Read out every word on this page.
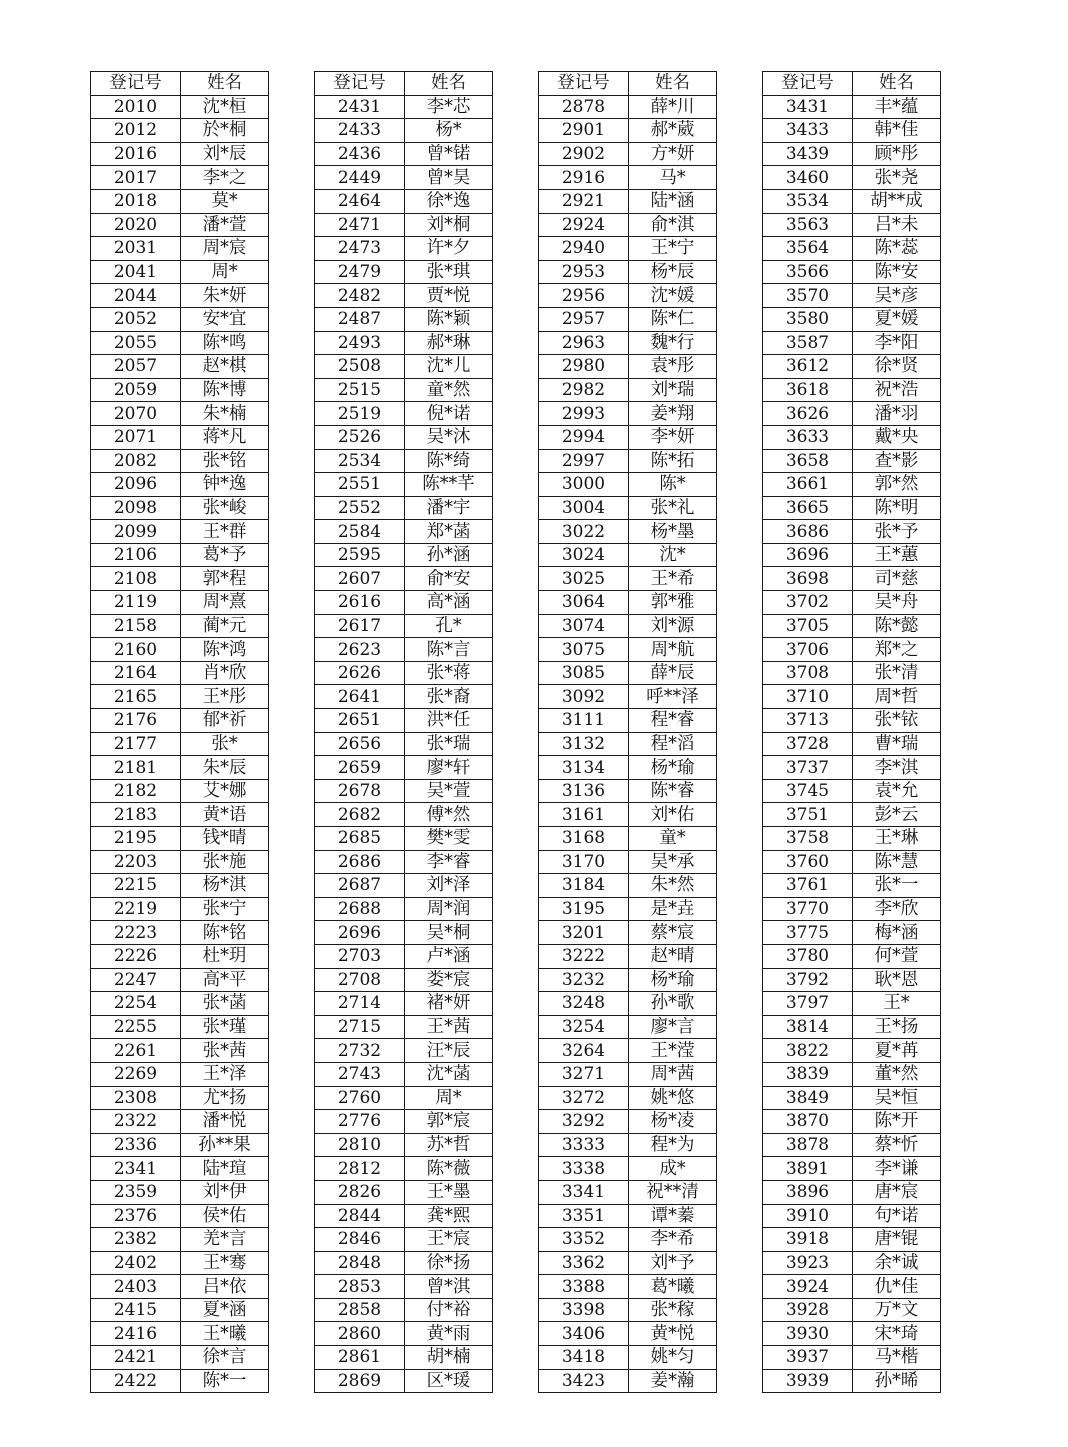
登记号	姓名
2010	沈*桓
2012	於*桐
2016	刘*辰
2017	李*之
2018	莫*
2020	潘*萱
2031	周*宸
2041	周*
2044	朱*妍
2052	安*宜
2055	陈*鸣
2057	赵*棋
2059	陈*博
2070	朱*楠
2071	蒋*凡
2082	张*铭
2096	钟*逸
2098	张*峻
2099	王*群
2106	葛*予
2108	郭*程
2119	周*熹
2158	蔺*元
2160	陈*鸿
2164	肖*欣
2165	王*彤
2176	郁*祈
2177	张*
2181	朱*辰
2182	艾*娜
2183	黄*语
2195	钱*晴
2203	张*施
2215	杨*淇
2219	张*宁
2223	陈*铭
2226	杜*玥
2247	高*平
2254	张*菡
2255	张*瑾
2261	张*茜
2269	王*泽
2308	尤*扬
2322	潘*悦
2336	孙**果
2341	陆*瑄
2359	刘*伊
2376	侯*佑
2382	羌*言
2402	王*骞
2403	吕*依
2415	夏*涵
2416	王*曦
2421	徐*言
2422	陈*一
登记号	姓名
2431	李*芯
2433	杨*
2436	曾*锘
2449	曾*昊
2464	徐*逸
2471	刘*桐
2473	许*夕
2479	张*琪
2482	贾*悦
2487	陈*颖
2493	郝*琳
2508	沈*儿
2515	童*然
2519	倪*诺
2526	吴*沐
2534	陈*绮
2551	陈**芊
2552	潘*宇
2584	郑*菡
2595	孙*涵
2607	俞*安
2616	高*涵
2617	孔*
2623	陈*言
2626	张*蒋
2641	张*裔
2651	洪*任
2656	张*瑞
2659	廖*轩
2678	吴*萱
2682	傅*然
2685	樊*雯
2686	李*睿
2687	刘*泽
2688	周*润
2696	吴*桐
2703	卢*涵
2708	娄*宸
2714	褚*妍
2715	王*茜
2732	汪*辰
2743	沈*菡
2760	周*
2776	郭*宸
2810	苏*哲
2812	陈*薇
2826	王*墨
2844	龚*熙
2846	王*宸
2848	徐*扬
2853	曾*淇
2858	付*裕
2860	黄*雨
2861	胡*楠
2869	区*瑗
登记号	姓名
2878	薛*川
2901	郝*葳
2902	方*妍
2916	马*
2921	陆*涵
2924	俞*淇
2940	王*宁
2953	杨*辰
2956	沈*媛
2957	陈*仁
2963	魏*行
2980	袁*彤
2982	刘*瑞
2993	姜*翔
2994	李*妍
2997	陈*拓
3000	陈*
3004	张*礼
3022	杨*墨
3024	沈*
3025	王*希
3064	郭*雅
3074	刘*源
3075	周*航
3085	薛*辰
3092	呼**泽
3111	程*睿
3132	程*滔
3134	杨*瑜
3136	陈*睿
3161	刘*佑
3168	童*
3170	吴*承
3184	朱*然
3195	是*垚
3201	蔡*宸
3222	赵*晴
3232	杨*瑜
3248	孙*歌
3254	廖*言
3264	王*滢
3271	周*茜
3272	姚*悠
3292	杨*凌
3333	程*为
3338	成*
3341	祝**清
3351	谭*蓁
3352	李*希
3362	刘*予
3388	葛*曦
3398	张*稼
3406	黄*悦
3418	姚*匀
3423	姜*瀚
登记号	姓名
3431	丰*蕴
3433	韩*佳
3439	顾*彤
3460	张*尧
3534	胡**成
3563	吕*未
3564	陈*蕊
3566	陈*安
3570	吴*彦
3580	夏*媛
3587	李*阳
3612	徐*贤
3618	祝*浩
3626	潘*羽
3633	戴*央
3658	查*影
3661	郭*然
3665	陈*明
3686	张*予
3696	王*蕙
3698	司*慈
3702	吴*舟
3705	陈*懿
3706	郑*之
3708	张*清
3710	周*哲
3713	张*铱
3728	曹*瑞
3737	李*淇
3745	袁*允
3751	彭*云
3758	王*琳
3760	陈*慧
3761	张*一
3770	李*欣
3775	梅*涵
3780	何*萱
3792	耿*恩
3797	王*
3814	王*扬
3822	夏*苒
3839	董*然
3849	吴*恒
3870	陈*开
3878	蔡*忻
3891	李*谦
3896	唐*宸
3910	句*诺
3918	唐*锟
3923	余*诚
3924	仇*佳
3928	万*文
3930	宋*琦
3937	马*楷
3939	孙*晞
